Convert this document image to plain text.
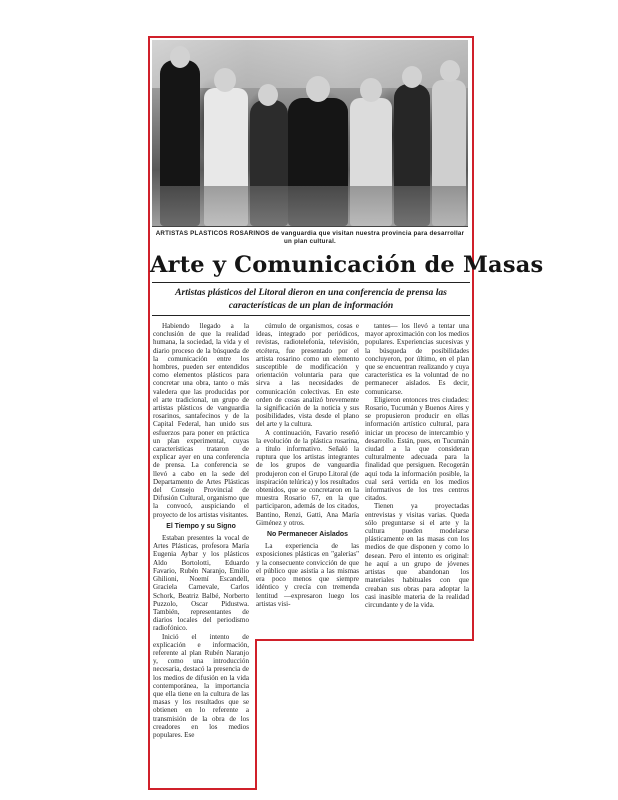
ARTISTAS PLASTICOS ROSARINOS de vanguardia que visitan nuestra provincia para desarrollar un plan cultural.
Arte y Comunicación de Masas
Artistas plásticos del Litoral dieron en una conferencia de prensa las características de un plan de información

Habiendo llegado a la conclusión de que la realidad humana, la sociedad, la vida y el diario proceso de la búsqueda de la comunicación entre los hombres, pueden ser entendidos como elementos plásticos para concretar una obra, tanto o más valedera que las producidas por el arte tradicional, un grupo de artistas plásticos de vanguardia rosarinos, santafecinos y de la Capital Federal, han unido sus esfuerzos para poner en práctica un plan experimental, cuyas características trataron de explicar ayer en una conferencia de prensa. La conferencia se llevó a cabo en la sede del Departamento de Artes Plásticas del Consejo Provincial de Difusión Cultural, organismo que la convocó, auspiciando el proyecto de los artistas visitantes.

El Tiempo y su Signo

Estaban presentes la vocal de Artes Plásticas, profesora María Eugenia Aybar y los plásticos Aldo Bortolotti, Eduardo Favario, Rubén Naranjo, Emilio Ghilioni, Noemí Escandell, Graciela Carnevale, Carlos Schork, Beatriz Balbé, Norberto Puzzolo, Oscar Pidustwa. También, representantes de diarios locales del periodismo radiofónico.

Inició el intento de explicación e información, referente al plan Rubén Naranjo y, como una introducción necesaria, destacó la presencia de los medios de difusión en la vida contemporánea, la importancia que ella tiene en la cultura de las masas y los resultados que se obtienen en lo referente a transmisión de la obra de los creadores en los medios populares. Ese

cúmulo de organismos, cosas e ideas, integrado por periódicos, revistas, radiotelefonía, televisión, etcétera, fue presentado por el artista rosarino como un elemento susceptible de modificación y orientación voluntaria para que sirva a las necesidades de comunicación colectivas. En este orden de cosas analizó brevemente la significación de la noticia y sus posibilidades, vista desde el plano del arte y la cultura.

A continuación, Favario reseñó la evolución de la plástica rosarina, a título informativo. Señaló la ruptura que los artistas integrantes de los grupos de vanguardia produjeron con el Grupo Litoral (de inspiración telúrica) y los resultados obtenidos, que se concretaron en la muestra Rosario 67, en la que participaron, además de los citados, Bantino, Renzi, Gatti, Ana María Giménez y otros.

No Permanecer Aislados

La experiencia de las exposiciones plásticas en "galerías" y la consecuente convicción de que el público que asistía a las mismas era poco menos que siempre idéntico y crecía con tremenda lentitud —expresaron luego los artistas visi-

tantes— los llevó a tentar una mayor aproximación con los medios populares. Experiencias sucesivas y la búsqueda de posibilidades concluyeron, por último, en el plan que se encuentran realizando y cuya característica es la voluntad de no permanecer aislados. Es decir, comunicarse.

Eligieron entonces tres ciudades: Rosario, Tucumán y Buenos Aires y se propusieron producir en ellas información artístico cultural, para iniciar un proceso de intercambio y desarrollo. Están, pues, en Tucumán ciudad a la que consideran culturalmente adecuada para la finalidad que persiguen. Recogerán aquí toda la información posible, la cual será vertida en los medios informativos de los tres centros citados.

Tienen ya proyectadas entrevistas y visitas varias. Queda sólo preguntarse si el arte y la cultura pueden modelarse plásticamente en las masas con los medios de que disponen y como lo desean. Pero el intento es original: he aquí a un grupo de jóvenes artistas que abandonan los materiales habituales con que creaban sus obras para adoptar la casi inasible materia de la realidad circundante y de la vida.
